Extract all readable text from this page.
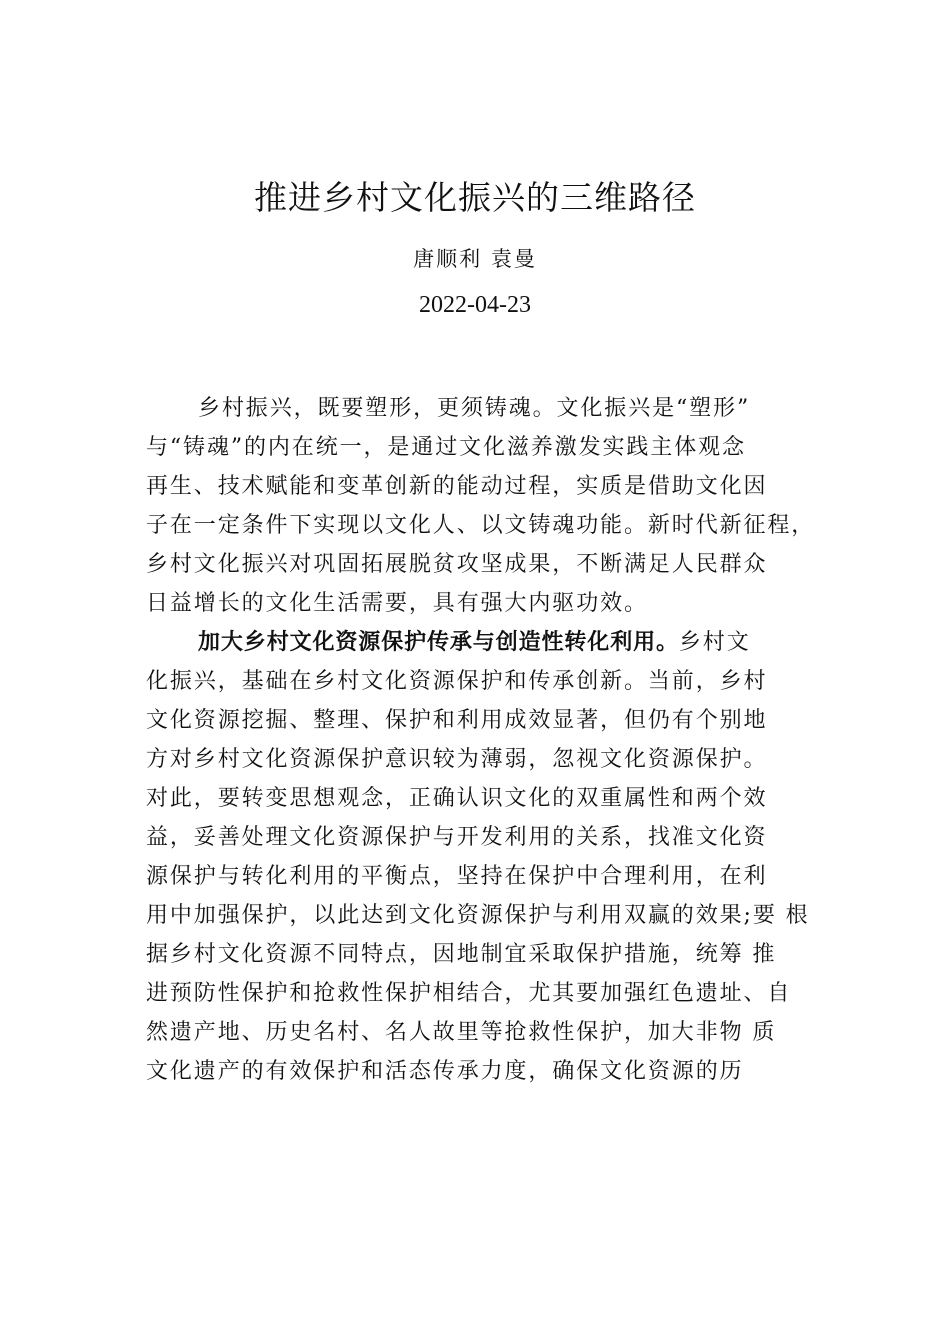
推进乡村文化振兴的三维路径
唐顺利 袁曼
2022-04-23
乡村振兴，既要塑形，更须铸魂。文化振兴是“塑形”
与“铸魂”的内在统一，是通过文化滋养激发实践主体观念
再生、技术赋能和变革创新的能动过程，实质是借助文化因
子在一定条件下实现以文化人、以文铸魂功能。新时代新征程，
乡村文化振兴对巩固拓展脱贫攻坚成果，不断满足人民群众
日益增长的文化生活需要，具有强大内驱功效。
加大乡村文化资源保护传承与创造性转化利用。乡村文
化振兴，基础在乡村文化资源保护和传承创新。当前，乡村
文化资源挖掘、整理、保护和利用成效显著，但仍有个别地
方对乡村文化资源保护意识较为薄弱，忽视文化资源保护。
对此，要转变思想观念，正确认识文化的双重属性和两个效
益，妥善处理文化资源保护与开发利用的关系，找准文化资
源保护与转化利用的平衡点，坚持在保护中合理利用，在利
用中加强保护，以此达到文化资源保护与利用双赢的效果;要 根
据乡村文化资源不同特点，因地制宜采取保护措施，统筹 推
进预防性保护和抢救性保护相结合，尤其要加强红色遗址、自
然遗产地、历史名村、名人故里等抢救性保护，加大非物 质
文化遗产的有效保护和活态传承力度，确保文化资源的历
